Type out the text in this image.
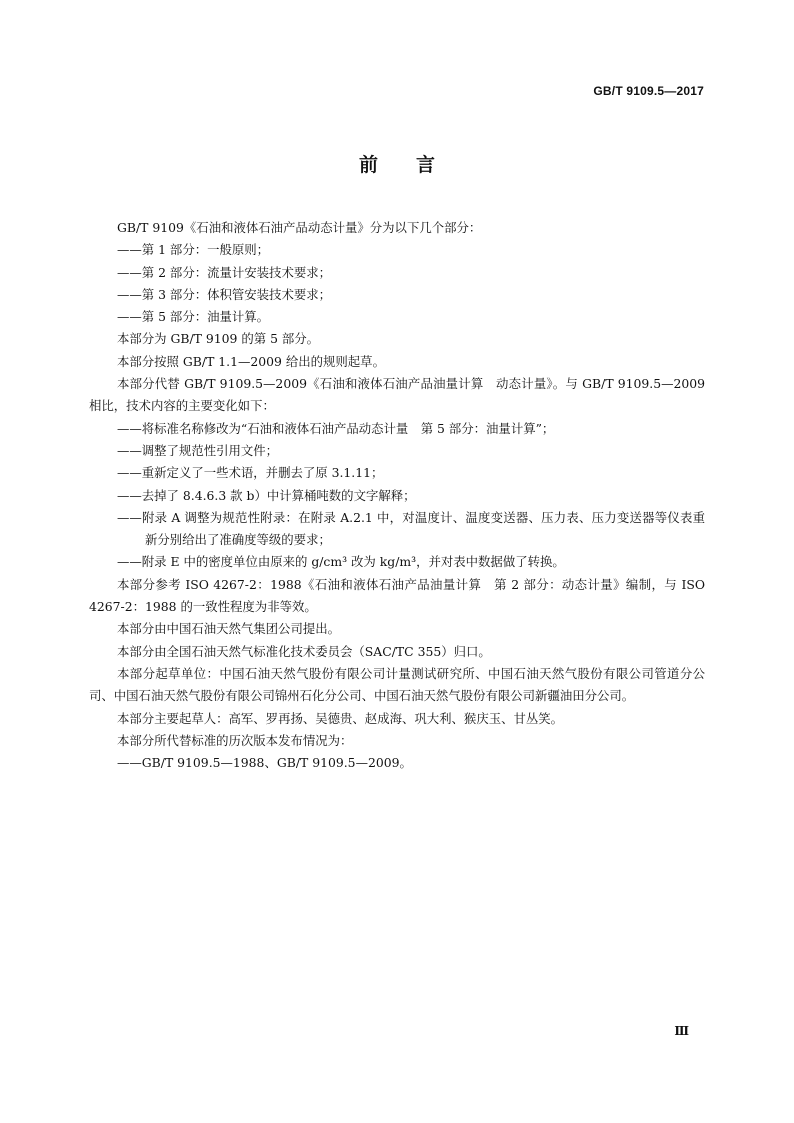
GB/T 9109.5—2017
前 言

GB/T 9109《石油和液体石油产品动态计量》分为以下几个部分：

——第 1 部分：一般原则；

——第 2 部分：流量计安装技术要求；

——第 3 部分：体积管安装技术要求；

——第 5 部分：油量计算。

本部分为 GB/T 9109 的第 5 部分。

本部分按照 GB/T 1.1—2009 给出的规则起草。

本部分代替 GB/T 9109.5—2009《石油和液体石油产品油量计算　动态计量》。与 GB/T 9109.5—2009 相比，技术内容的主要变化如下：

——将标准名称修改为“石油和液体石油产品动态计量　第 5 部分：油量计算”；

——调整了规范性引用文件；

——重新定义了一些术语，并删去了原 3.1.11；

——去掉了 8.4.6.3 款 b）中计算桶吨数的文字解释；

——附录 A 调整为规范性附录：在附录 A.2.1 中，对温度计、温度变送器、压力表、压力变送器等仪表重新分别给出了准确度等级的要求；

——附录 E 中的密度单位由原来的 g/cm³ 改为 kg/m³，并对表中数据做了转换。

本部分参考 ISO 4267-2：1988《石油和液体石油产品油量计算　第 2 部分：动态计量》编制，与 ISO 4267-2：1988 的一致性程度为非等效。

本部分由中国石油天然气集团公司提出。

本部分由全国石油天然气标准化技术委员会（SAC/TC 355）归口。

本部分起草单位：中国石油天然气股份有限公司计量测试研究所、中国石油天然气股份有限公司管道分公司、中国石油天然气股份有限公司锦州石化分公司、中国石油天然气股份有限公司新疆油田分公司。

本部分主要起草人：高军、罗再扬、吴德贵、赵成海、巩大利、猴庆玉、甘丛笑。

本部分所代替标准的历次版本发布情况为：

——GB/T 9109.5—1988、GB/T 9109.5—2009。

Ⅲ
